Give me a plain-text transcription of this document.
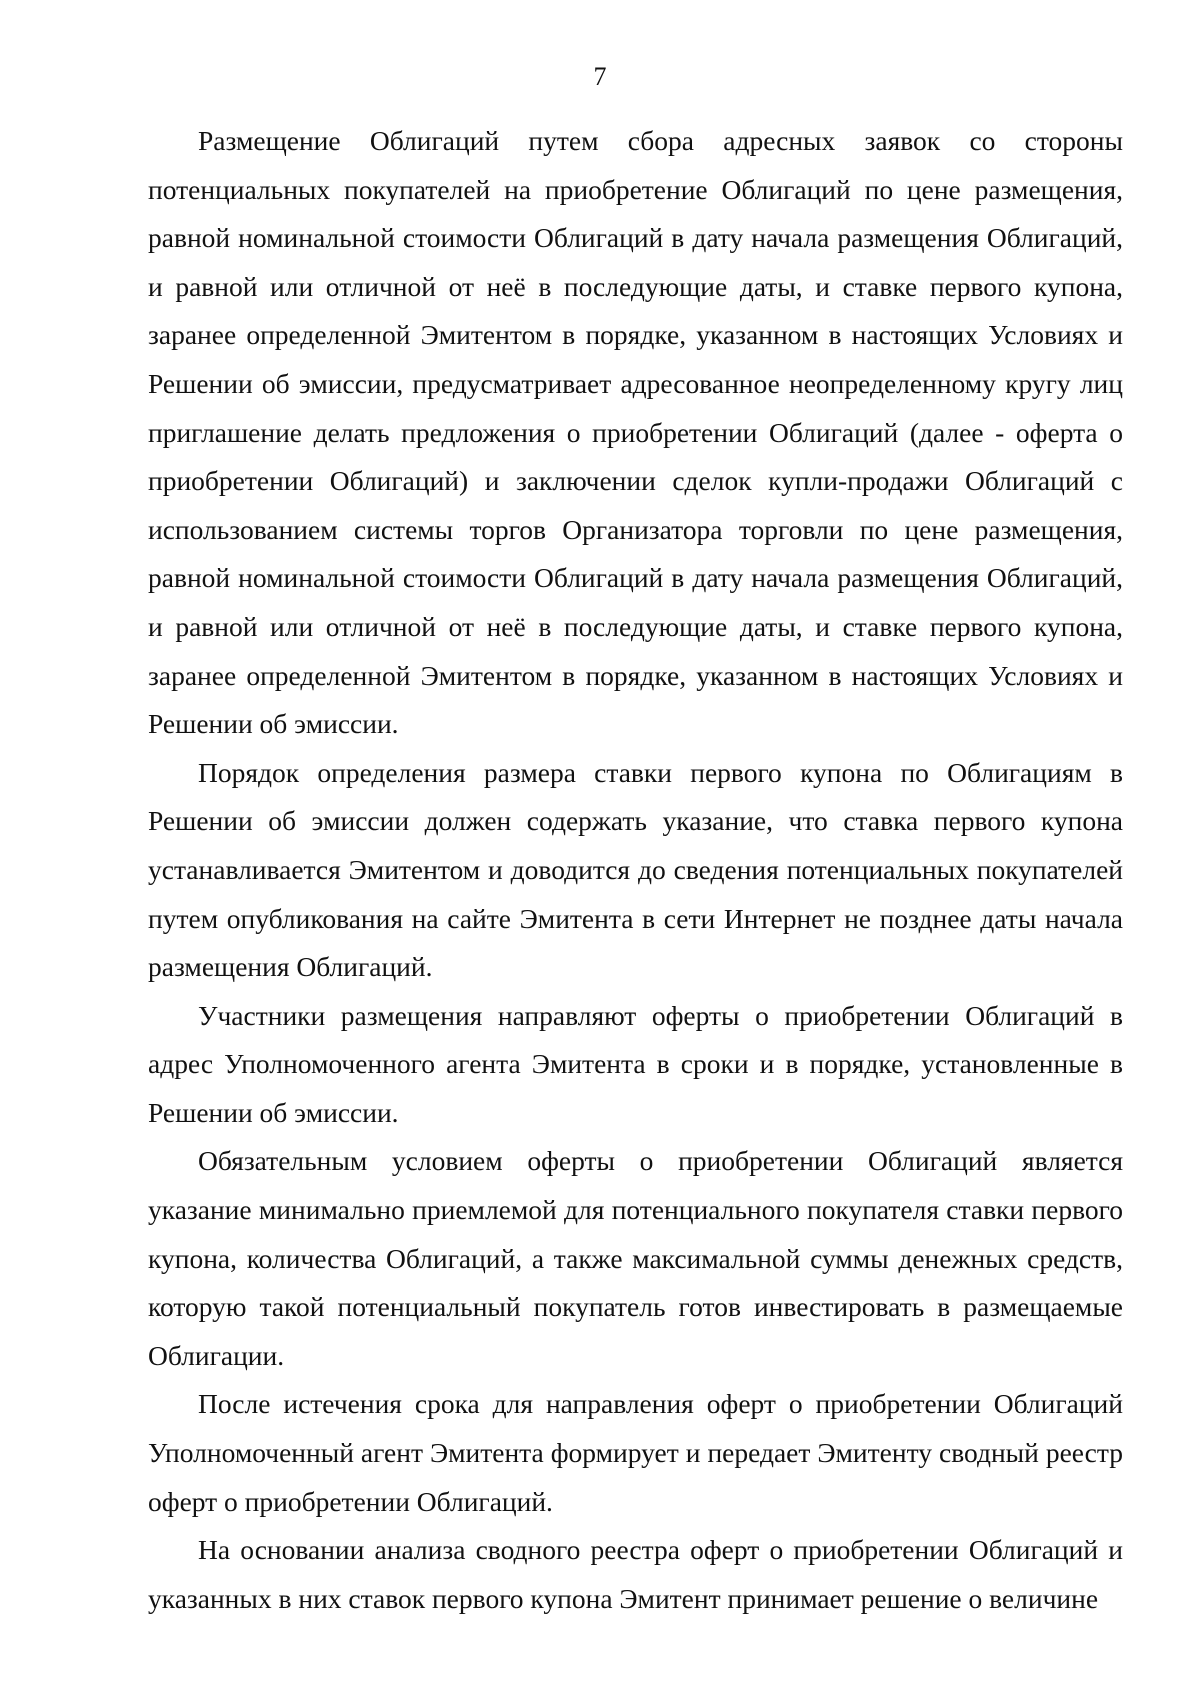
7

Размещение Облигаций путем сбора адресных заявок со стороны потенциальных покупателей на приобретение Облигаций по цене размещения, равной номинальной стоимости Облигаций в дату начала размещения Облигаций, и равной или отличной от неё в последующие даты, и ставке первого купона, заранее определенной Эмитентом в порядке, указанном в настоящих Условиях и Решении об эмиссии, предусматривает адресованное неопределенному кругу лиц приглашение делать предложения о приобретении Облигаций (далее - оферта о приобретении Облигаций) и заключении сделок купли-продажи Облигаций с использованием системы торгов Организатора торговли по цене размещения, равной номинальной стоимости Облигаций в дату начала размещения Облигаций, и равной или отличной от неё в последующие даты, и ставке первого купона, заранее определенной Эмитентом в порядке, указанном в настоящих Условиях и Решении об эмиссии.

Порядок определения размера ставки первого купона по Облигациям в Решении об эмиссии должен содержать указание, что ставка первого купона устанавливается Эмитентом и доводится до сведения потенциальных покупателей путем опубликования на сайте Эмитента в сети Интернет не позднее даты начала размещения Облигаций.

Участники размещения направляют оферты о приобретении Облигаций в адрес Уполномоченного агента Эмитента в сроки и в порядке, установленные в Решении об эмиссии.

Обязательным условием оферты о приобретении Облигаций является указание минимально приемлемой для потенциального покупателя ставки первого купона, количества Облигаций, а также максимальной суммы денежных средств, которую такой потенциальный покупатель готов инвестировать в размещаемые Облигации.

После истечения срока для направления оферт о приобретении Облигаций Уполномоченный агент Эмитента формирует и передает Эмитенту сводный реестр оферт о приобретении Облигаций.

На основании анализа сводного реестра оферт о приобретении Облигаций и указанных в них ставок первого купона Эмитент принимает решение о величине
